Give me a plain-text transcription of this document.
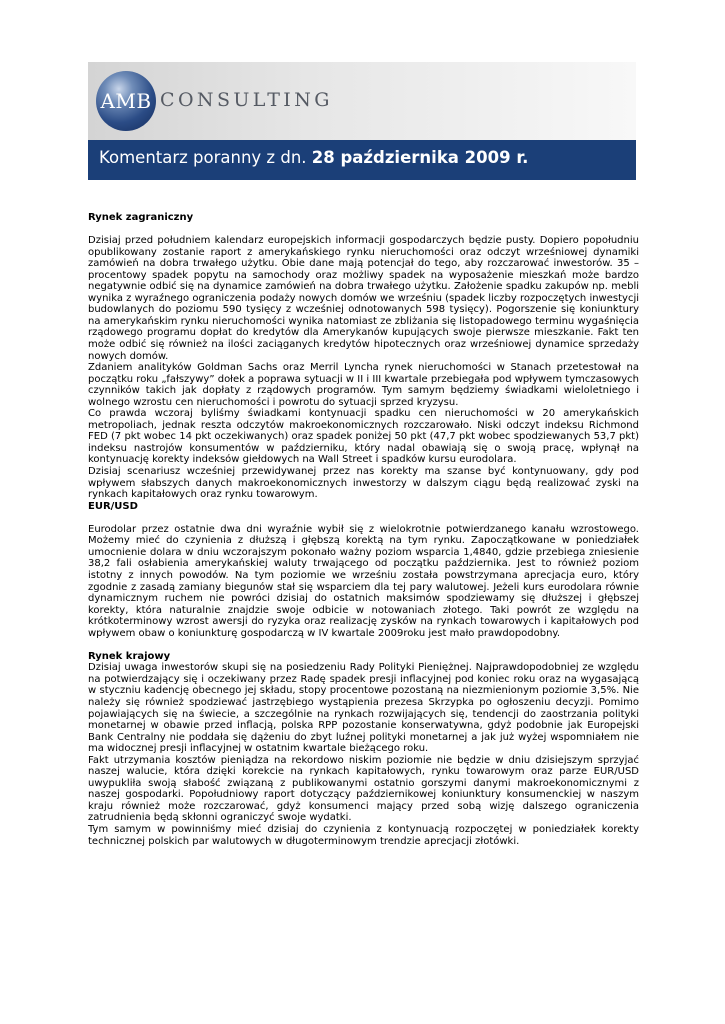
AMB CONSULTING
Komentarz poranny z dn. 28 października 2009 r.
Rynek zagraniczny

Dzisiaj przed południem kalendarz europejskich informacji gospodarczych będzie pusty. Dopiero popołudniu opublikowany zostanie raport z amerykańskiego rynku nieruchomości oraz odczyt wrześniowej dynamiki zamówień na dobra trwałego użytku. Obie dane mają potencjał do tego, aby rozczarować inwestorów. 35 – procentowy spadek popytu na samochody oraz możliwy spadek na wyposażenie mieszkań może bardzo negatywnie odbić się na dynamice zamówień na dobra trwałego użytku. Założenie spadku zakupów np. mebli wynika z wyraźnego ograniczenia podaży nowych domów we wrześniu (spadek liczby rozpoczętych inwestycji budowlanych do poziomu 590 tysięcy z wcześniej odnotowanych 598 tysięcy). Pogorszenie się koniunktury na amerykańskim rynku nieruchomości wynika natomiast ze zbliżania się listopadowego terminu wygaśnięcia rządowego programu dopłat do kredytów dla Amerykanów kupujących swoje pierwsze mieszkanie. Fakt ten może odbić się również na ilości zaciąganych kredytów hipotecznych oraz wrześniowej dynamice sprzedaży nowych domów.

Zdaniem analityków Goldman Sachs oraz Merril Lyncha rynek nieruchomości w Stanach przetestował na początku roku „fałszywy” dołek a poprawa sytuacji w II i III kwartale przebiegała pod wpływem tymczasowych czynników takich jak dopłaty z rządowych programów. Tym samym będziemy świadkami wieloletniego i wolnego wzrostu cen nieruchomości i powrotu do sytuacji sprzed kryzysu.

Co prawda wczoraj byliśmy świadkami kontynuacji spadku cen nieruchomości w 20 amerykańskich metropoliach, jednak reszta odczytów makroekonomicznych rozczarowało. Niski odczyt indeksu Richmond FED (7 pkt wobec 14 pkt oczekiwanych) oraz spadek poniżej 50 pkt (47,7 pkt wobec spodziewanych 53,7 pkt) indeksu nastrojów konsumentów w październiku, który nadal obawiają się o swoją pracę, wpłynął na kontynuację korekty indeksów giełdowych na Wall Street i spadków kursu eurodolara.

Dzisiaj scenariusz wcześniej przewidywanej przez nas korekty ma szanse być kontynuowany, gdy pod wpływem słabszych danych makroekonomicznych inwestorzy w dalszym ciągu będą realizować zyski na rynkach kapitałowych oraz rynku towarowym.

EUR/USD

Eurodolar przez ostatnie dwa dni wyraźnie wybił się z wielokrotnie potwierdzanego kanału wzrostowego. Możemy mieć do czynienia z dłuższą i głębszą korektą na tym rynku. Zapoczątkowane w poniedziałek umocnienie dolara w dniu wczorajszym pokonało ważny poziom wsparcia 1,4840, gdzie przebiega zniesienie 38,2 fali osłabienia amerykańskiej waluty trwającego od początku października. Jest to również poziom istotny z innych powodów. Na tym poziomie we wrześniu została powstrzymana aprecjacja euro, który zgodnie z zasadą zamiany biegunów stał się wsparciem dla tej pary walutowej. Jeżeli kurs eurodolara równie dynamicznym ruchem nie powróci dzisiaj do ostatnich maksimów spodziewamy się dłuższej i głębszej korekty, która naturalnie znajdzie swoje odbicie w notowaniach złotego. Taki powrót ze względu na krótkoterminowy wzrost awersji do ryzyka oraz realizację zysków na rynkach towarowych i kapitałowych pod wpływem obaw o koniunkturę gospodarczą w IV kwartale 2009roku jest mało prawdopodobny.

Rynek krajowy

Dzisiaj uwaga inwestorów skupi się na posiedzeniu Rady Polityki Pieniężnej. Najprawdopodobniej ze względu na potwierdzający się i oczekiwany przez Radę spadek presji inflacyjnej pod koniec roku oraz na wygasającą w styczniu kadencję obecnego jej składu, stopy procentowe pozostaną na niezmienionym poziomie 3,5%. Nie należy się również spodziewać jastrzębiego wystąpienia prezesa Skrzypka po ogłoszeniu decyzji. Pomimo pojawiających się na świecie, a szczególnie na rynkach rozwijających się, tendencji do zaostrzania polityki monetarnej w obawie przed inflacją, polska RPP pozostanie konserwatywna, gdyż podobnie jak Europejski Bank Centralny nie poddała się dążeniu do zbyt luźnej polityki monetarnej a jak już wyżej wspomniałem nie ma widocznej presji inflacyjnej w ostatnim kwartale bieżącego roku.

Fakt utrzymania kosztów pieniądza na rekordowo niskim poziomie nie będzie w dniu dzisiejszym sprzyjać naszej walucie, która dzięki korekcie na rynkach kapitałowych, rynku towarowym oraz parze EUR/USD uwypukliła swoją słabość związaną z publikowanymi ostatnio gorszymi danymi makroekonomicznymi z naszej gospodarki. Popołudniowy raport dotyczący październikowej koniunktury konsumenckiej w naszym kraju również może rozczarować, gdyż konsumenci mający przed sobą wizję dalszego ograniczenia zatrudnienia będą skłonni ograniczyć swoje wydatki.

Tym samym w powinniśmy mieć dzisiaj do czynienia z kontynuacją rozpoczętej w poniedziałek korekty technicznej polskich par walutowych w długoterminowym trendzie aprecjacji złotówki.
